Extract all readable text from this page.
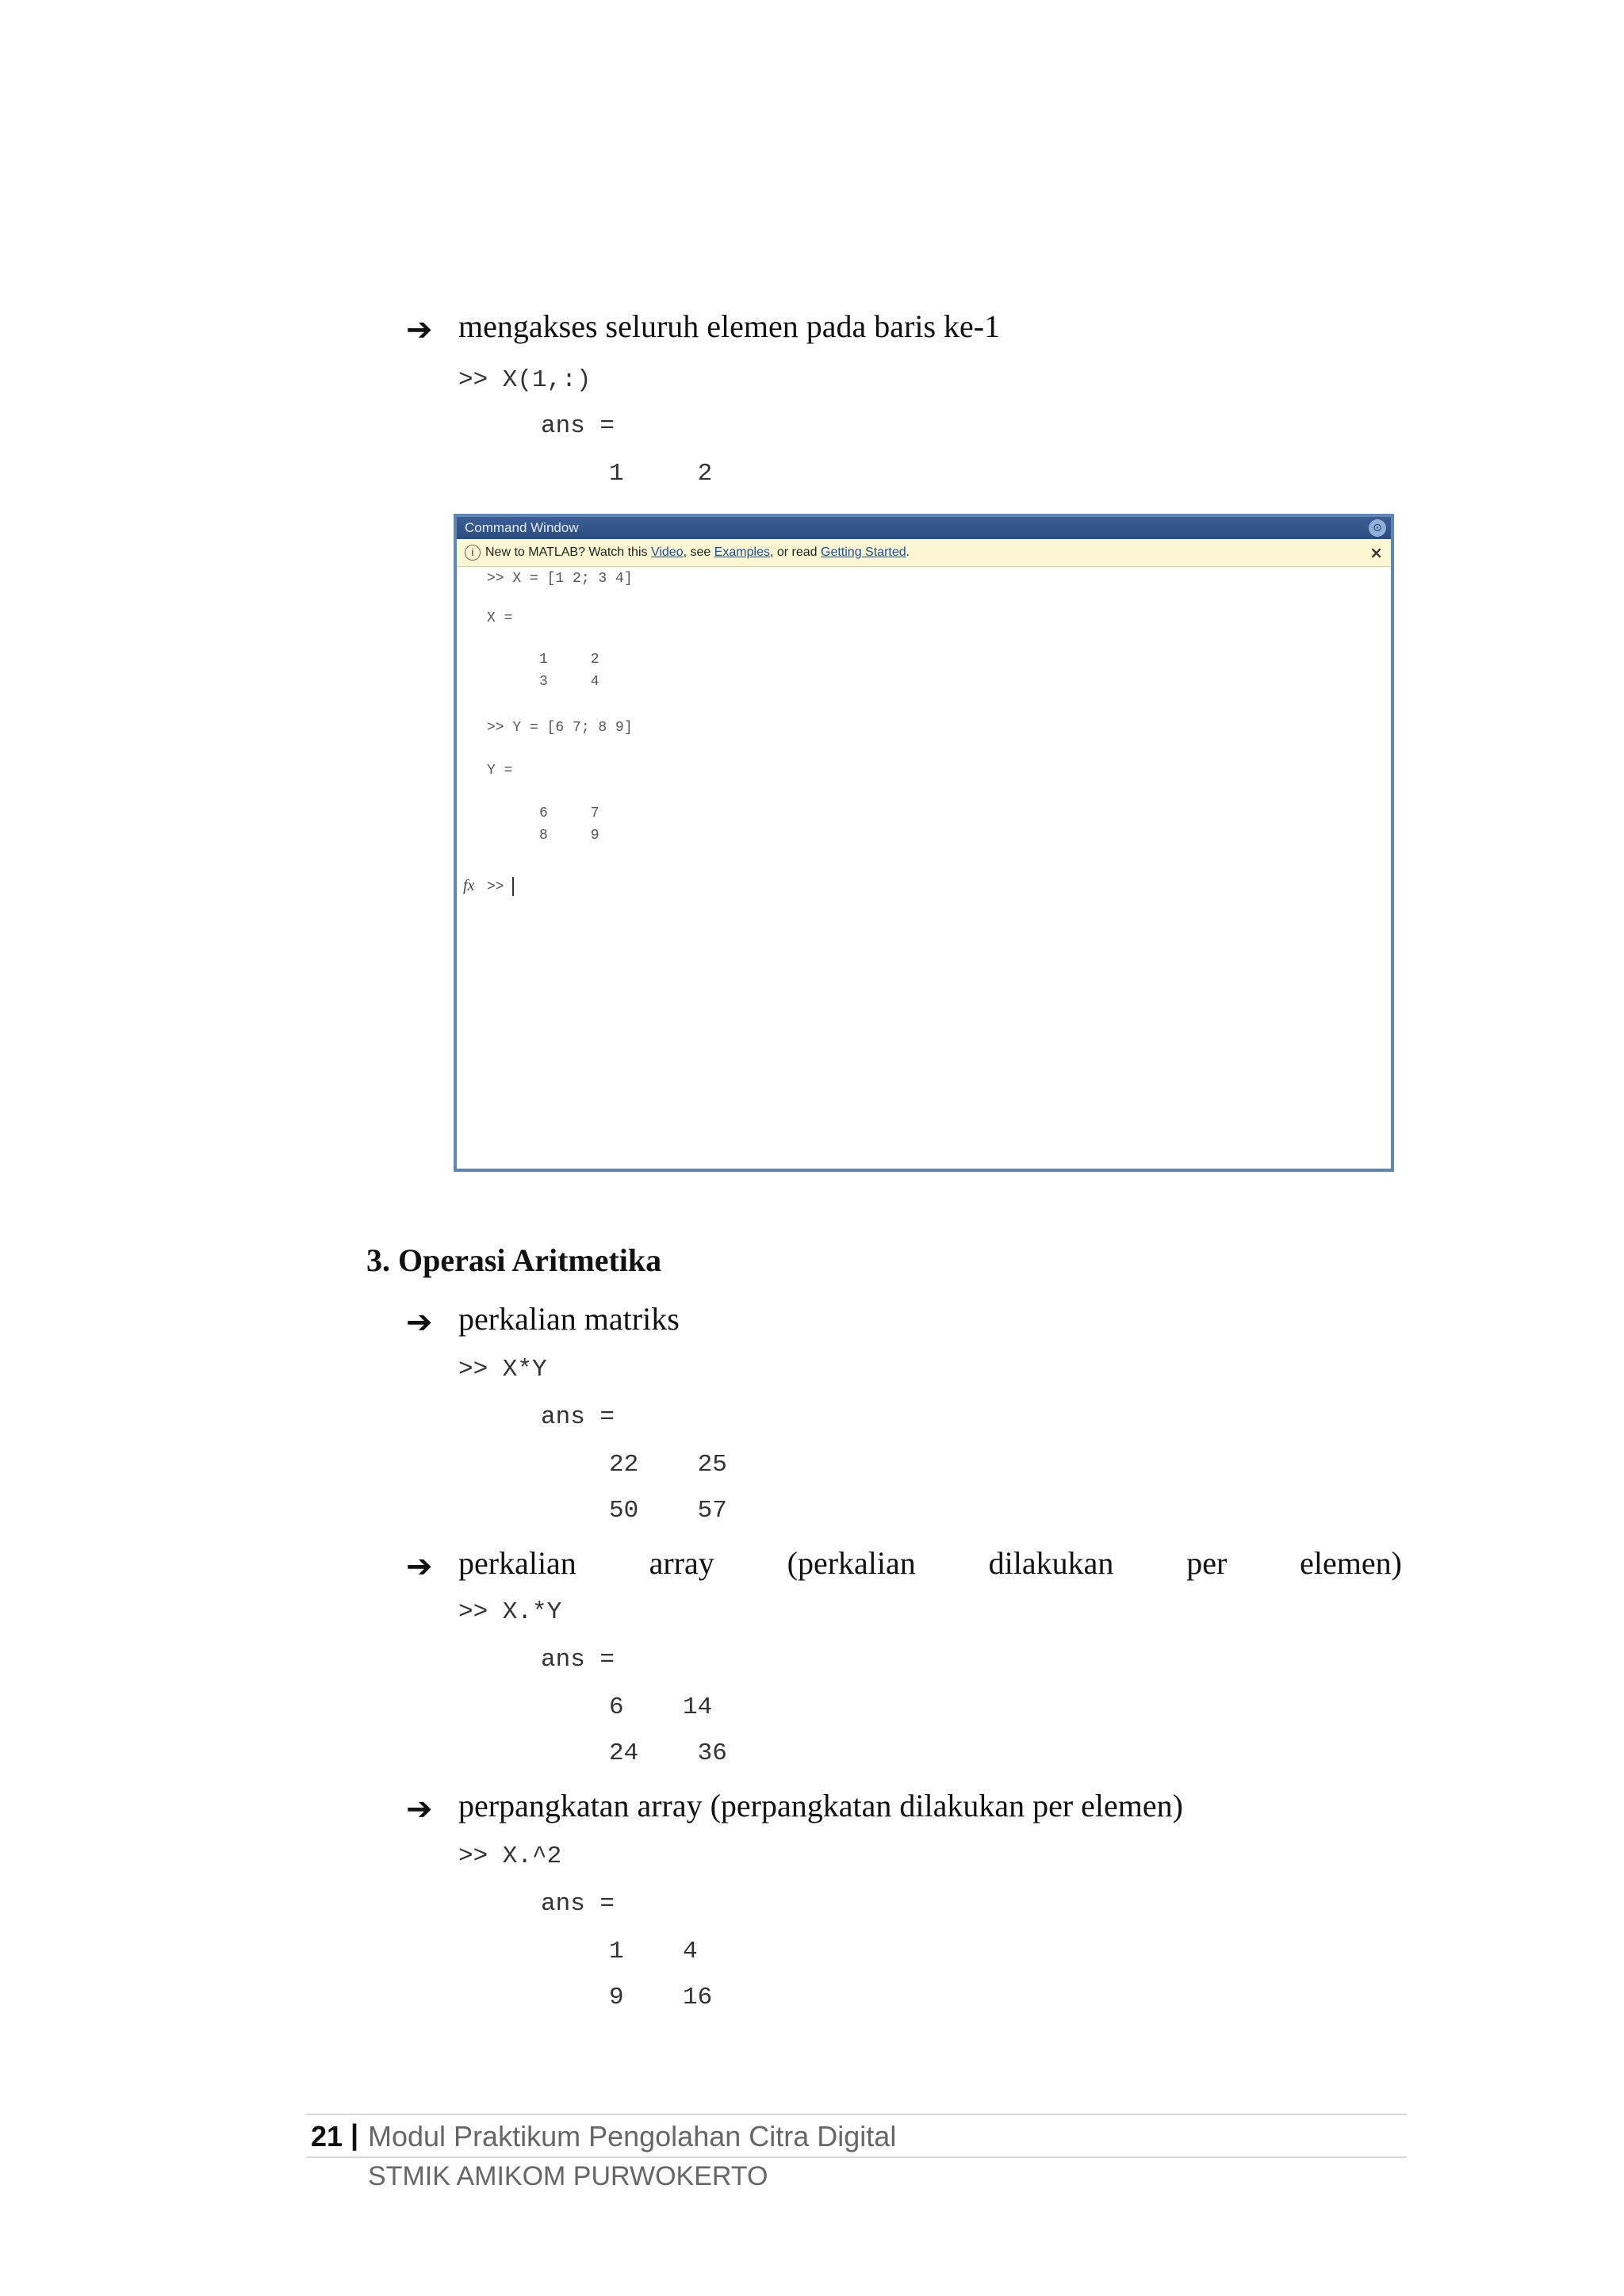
➔ mengakses seluruh elemen pada baris ke-1
>> X(1,:)
ans =
1     2
Command Window	⊙
i New to MATLAB? Watch this Video, see Examples, or read Getting Started.	×
>> X = [1 2; 3 4]
X =
1     2
3     4
>> Y = [6 7; 8 9]
Y =
6     7
8     9
fx >>
3. Operasi Aritmetika
➔ perkalian matriks
>> X*Y
ans =
22    25
50    57
➔ perkalian array (perkalian dilakukan per elemen)
>> X.*Y
ans =
6    14
24    36
➔ perpangkatan array (perpangkatan dilakukan per elemen)
>> X.^2
ans =
1    4
9    16
21 | Modul Praktikum Pengolahan Citra Digital
STMIK AMIKOM PURWOKERTO
